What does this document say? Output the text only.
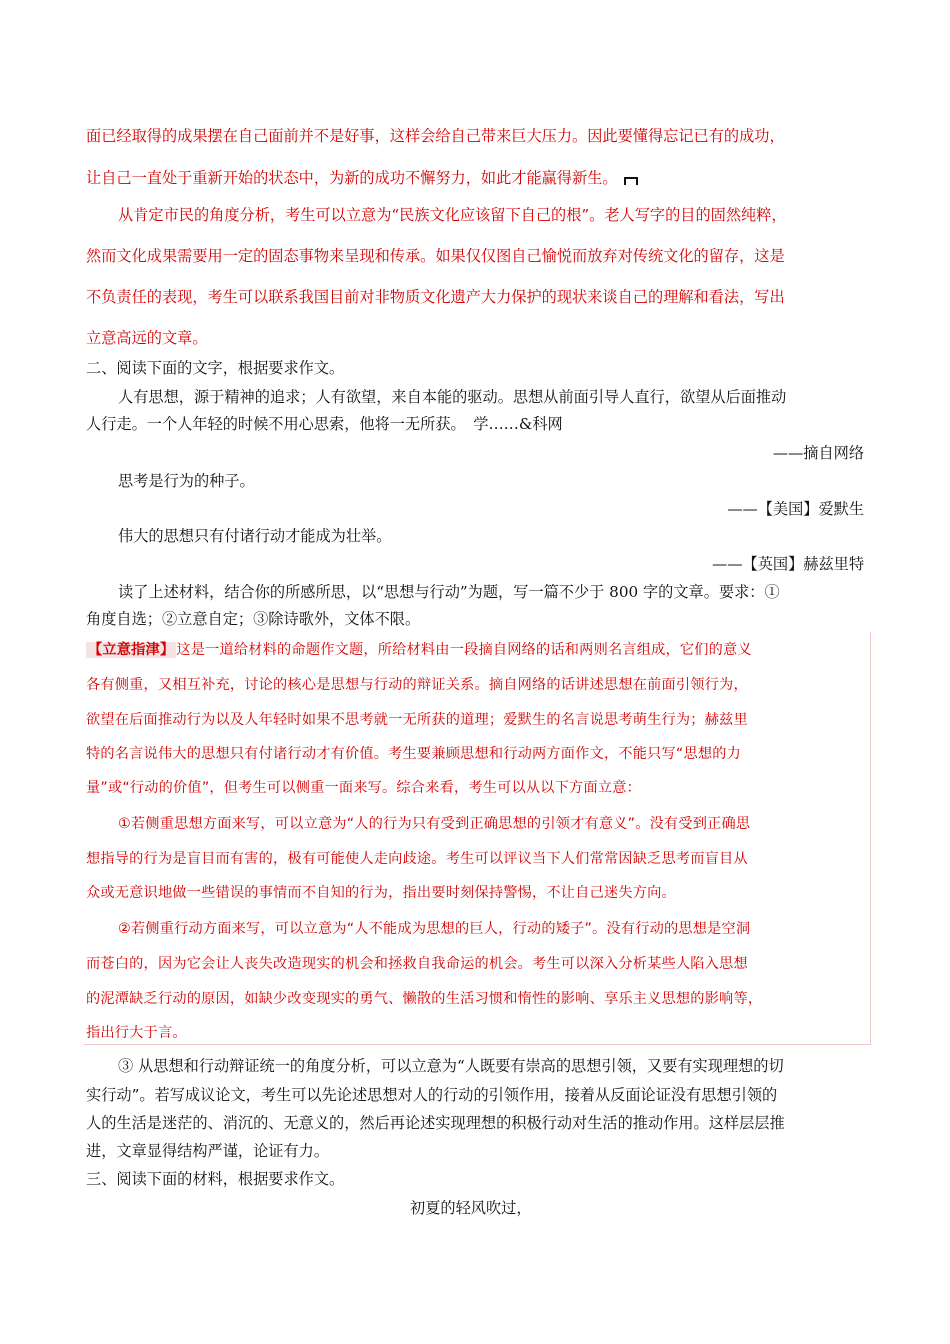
面已经取得的成果摆在自己面前并不是好事，这样会给自己带来巨大压力。因此要懂得忘记已有的成功，
让自己一直处于重新开始的状态中，为新的成功不懈努力，如此才能赢得新生。
从肯定市民的角度分析，考生可以立意为“民族文化应该留下自己的根”。老人写字的目的固然纯粹，
然而文化成果需要用一定的固态事物来呈现和传承。如果仅仅图自己愉悦而放弃对传统文化的留存，这是
不负责任的表现，考生可以联系我国目前对非物质文化遗产大力保护的现状来谈自己的理解和看法，写出
立意高远的文章。
二、阅读下面的文字，根据要求作文。
人有思想，源于精神的追求；人有欲望，来自本能的驱动。思想从前面引导人直行，欲望从后面推动
人行走。一个人年轻的时候不用心思索，他将一无所获。　学……&科网
——摘自网络
思考是行为的种子。
——【美国】爱默生
伟大的思想只有付诸行动才能成为壮举。
——【英国】赫兹里特
读了上述材料，结合你的所感所思，以“思想与行动”为题，写一篇不少于 800 字的文章。要求：①
角度自选；②立意自定；③除诗歌外，文体不限。
【立意指津】 这是一道给材料的命题作文题，所给材料由一段摘自网络的话和两则名言组成，它们的意义
各有侧重，又相互补充，讨论的核心是思想与行动的辩证关系。摘自网络的话讲述思想在前面引领行为，
欲望在后面推动行为以及人年轻时如果不思考就一无所获的道理；爱默生的名言说思考萌生行为；赫兹里
特的名言说伟大的思想只有付诸行动才有价值。考生要兼顾思想和行动两方面作文，不能只写“思想的力
量”或“行动的价值”，但考生可以侧重一面来写。综合来看，考生可以从以下方面立意：
①若侧重思想方面来写，可以立意为“人的行为只有受到正确思想的引领才有意义”。没有受到正确思
想指导的行为是盲目而有害的，极有可能使人走向歧途。考生可以评议当下人们常常因缺乏思考而盲目从
众或无意识地做一些错误的事情而不自知的行为，指出要时刻保持警惕，不让自己迷失方向。
②若侧重行动方面来写，可以立意为“人不能成为思想的巨人，行动的矮子”。没有行动的思想是空洞
而苍白的，因为它会让人丧失改造现实的机会和拯救自我命运的机会。考生可以深入分析某些人陷入思想
的泥潭缺乏行动的原因，如缺少改变现实的勇气、懒散的生活习惯和惰性的影响、享乐主义思想的影响等，
指出行大于言。
③ 从思想和行动辩证统一的角度分析，可以立意为“人既要有崇高的思想引领，又要有实现理想的切
实行动”。若写成议论文，考生可以先论述思想对人的行动的引领作用，接着从反面论证没有思想引领的
人的生活是迷茫的、消沉的、无意义的，然后再论述实现理想的积极行动对生活的推动作用。这样层层推
进，文章显得结构严谨，论证有力。
三、阅读下面的材料，根据要求作文。
初夏的轻风吹过，
